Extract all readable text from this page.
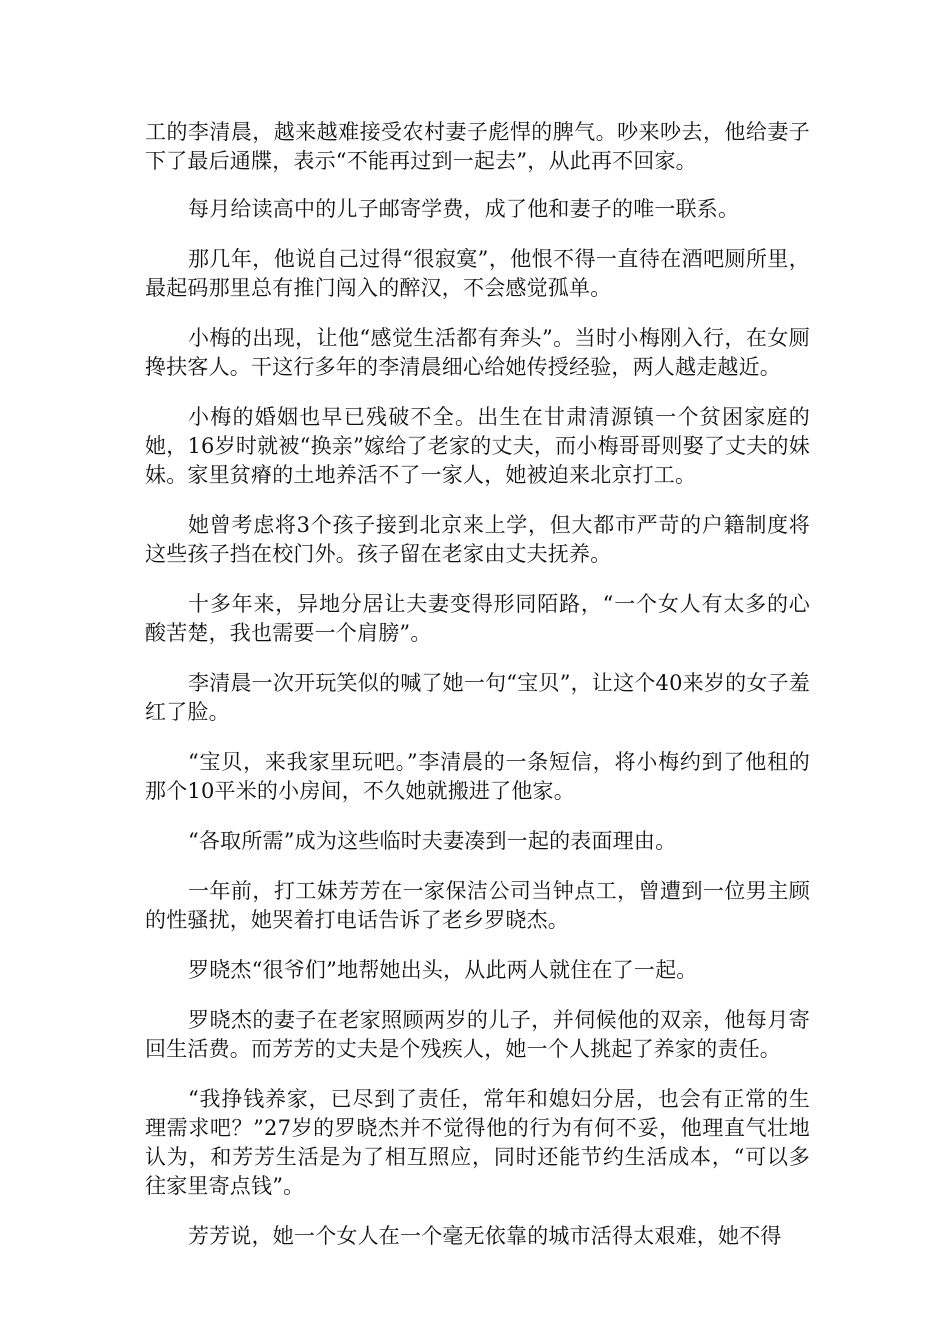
工的李清晨，越来越难接受农村妻子彪悍的脾气。吵来吵去，他给妻子下了最后通牒，表示“不能再过到一起去”，从此再不回家。

每月给读高中的儿子邮寄学费，成了他和妻子的唯一联系。

那几年，他说自己过得“很寂寞”，他恨不得一直待在酒吧厕所里，最起码那里总有推门闯入的醉汉，不会感觉孤单。

小梅的出现，让他“感觉生活都有奔头”。当时小梅刚入行，在女厕搀扶客人。干这行多年的李清晨细心给她传授经验，两人越走越近。

小梅的婚姻也早已残破不全。出生在甘肃清源镇一个贫困家庭的她，16岁时就被“换亲”嫁给了老家的丈夫，而小梅哥哥则娶了丈夫的妹妹。家里贫瘠的土地养活不了一家人，她被迫来北京打工。

她曾考虑将3个孩子接到北京来上学，但大都市严苛的户籍制度将这些孩子挡在校门外。孩子留在老家由丈夫抚养。

十多年来，异地分居让夫妻变得形同陌路，“一个女人有太多的心酸苦楚，我也需要一个肩膀”。

李清晨一次开玩笑似的喊了她一句“宝贝”，让这个40来岁的女子羞红了脸。

“宝贝，来我家里玩吧。”李清晨的一条短信，将小梅约到了他租的那个10平米的小房间，不久她就搬进了他家。

“各取所需”成为这些临时夫妻凑到一起的表面理由。

一年前，打工妹芳芳在一家保洁公司当钟点工，曾遭到一位男主顾的性骚扰，她哭着打电话告诉了老乡罗晓杰。

罗晓杰“很爷们”地帮她出头，从此两人就住在了一起。

罗晓杰的妻子在老家照顾两岁的儿子，并伺候他的双亲，他每月寄回生活费。而芳芳的丈夫是个残疾人，她一个人挑起了养家的责任。

“我挣钱养家，已尽到了责任，常年和媳妇分居，也会有正常的生理需求吧？”27岁的罗晓杰并不觉得他的行为有何不妥，他理直气壮地认为，和芳芳生活是为了相互照应，同时还能节约生活成本，“可以多往家里寄点钱”。

芳芳说，她一个女人在一个毫无依靠的城市活得太艰难，她不得
